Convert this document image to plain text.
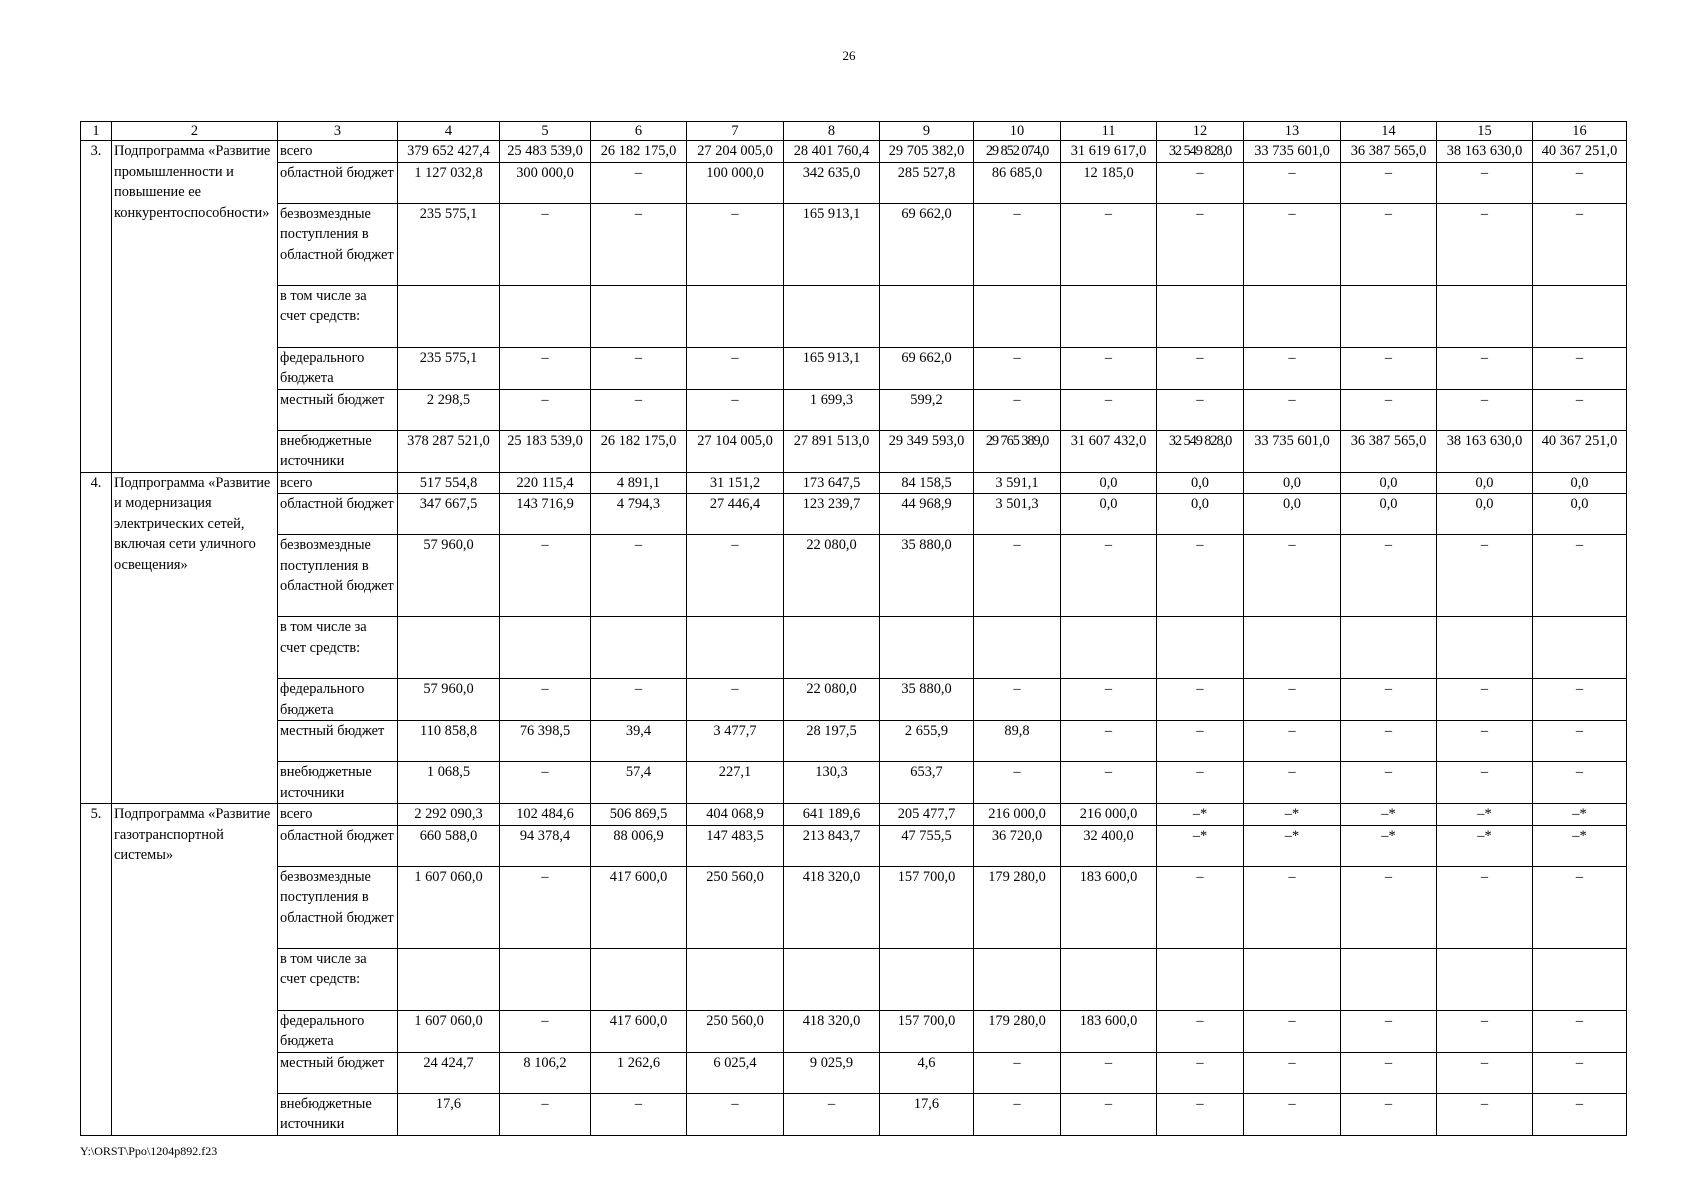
26
1	2	3	4	5	6	7	8	9	10	11	12	13	14	15	16
3.	Подпрограмма «Развитие промышленности и повышение ее конкурентоспособности»	всего	379 652 427,4	25 483 539,0	26 182 175,0	27 204 005,0	28 401 760,4	29 705 382,0	29 852 074,0	31 619 617,0	32 549 828,0	33 735 601,0	36 387 565,0	38 163 630,0	40 367 251,0
		областной бюджет	1 127 032,8	300 000,0	–	100 000,0	342 635,0	285 527,8	86 685,0	12 185,0	–	–	–	–	–
		безвозмездные поступления в областной бюджет	235 575,1	–	–	–	165 913,1	69 662,0	–	–	–	–	–	–	–
		в том числе за счет средств:													
		федерального бюджета	235 575,1	–	–	–	165 913,1	69 662,0	–	–	–	–	–	–	–
		местный бюджет	2 298,5	–	–	–	1 699,3	599,2	–	–	–	–	–	–	–
		внебюджетные источники	378 287 521,0	25 183 539,0	26 182 175,0	27 104 005,0	27 891 513,0	29 349 593,0	29 765 389,0	31 607 432,0	32 549 828,0	33 735 601,0	36 387 565,0	38 163 630,0	40 367 251,0
4.	Подпрограмма «Развитие и модернизация электрических сетей, включая сети уличного освещения»	всего	517 554,8	220 115,4	4 891,1	31 151,2	173 647,5	84 158,5	3 591,1	0,0	0,0	0,0	0,0	0,0	0,0
		областной бюджет	347 667,5	143 716,9	4 794,3	27 446,4	123 239,7	44 968,9	3 501,3	0,0	0,0	0,0	0,0	0,0	0,0
		безвозмездные поступления в областной бюджет	57 960,0	–	–	–	22 080,0	35 880,0	–	–	–	–	–	–	–
		в том числе за счет средств:													
		федерального бюджета	57 960,0	–	–	–	22 080,0	35 880,0	–	–	–	–	–	–	–
		местный бюджет	110 858,8	76 398,5	39,4	3 477,7	28 197,5	2 655,9	89,8	–	–	–	–	–	–
		внебюджетные источники	1 068,5	–	57,4	227,1	130,3	653,7	–	–	–	–	–	–	–
5.	Подпрограмма «Развитие газотранспортной системы»	всего	2 292 090,3	102 484,6	506 869,5	404 068,9	641 189,6	205 477,7	216 000,0	216 000,0	–*	–*	–*	–*	–*
		областной бюджет	660 588,0	94 378,4	88 006,9	147 483,5	213 843,7	47 755,5	36 720,0	32 400,0	–*	–*	–*	–*	–*
		безвозмездные поступления в областной бюджет	1 607 060,0	–	417 600,0	250 560,0	418 320,0	157 700,0	179 280,0	183 600,0	–	–	–	–	–
		в том числе за счет средств:													
		федерального бюджета	1 607 060,0	–	417 600,0	250 560,0	418 320,0	157 700,0	179 280,0	183 600,0	–	–	–	–	–
		местный бюджет	24 424,7	8 106,2	1 262,6	6 025,4	9 025,9	4,6	–	–	–	–	–	–	–
		внебюджетные источники	17,6	–	–	–	–	17,6	–	–	–	–	–	–	–
Y:\ORST\Ppo\1204p892.f23
